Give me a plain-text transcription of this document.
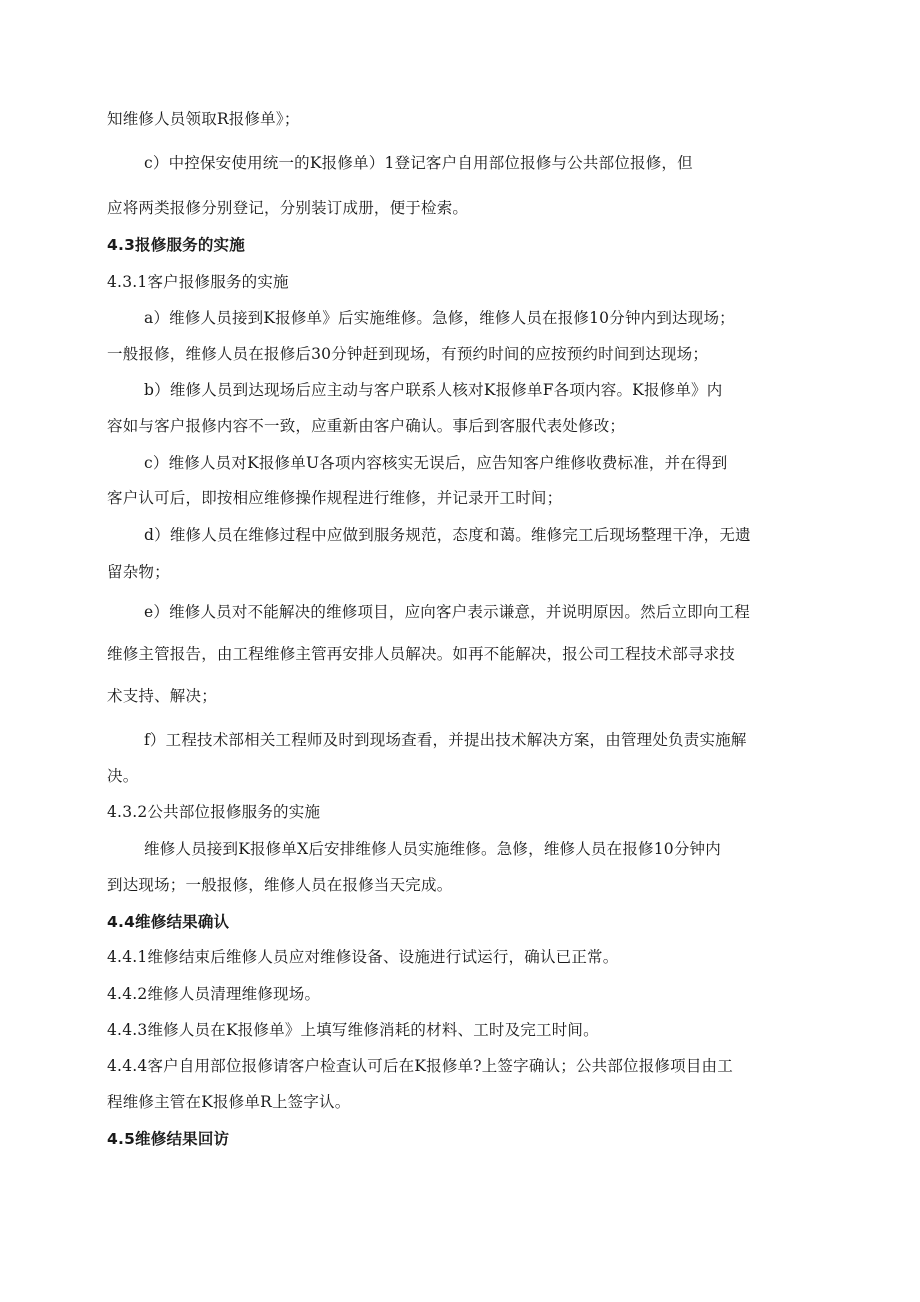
知维修人员领取R报修单》；
c）中控保安使用统一的K报修单）1登记客户自用部位报修与公共部位报修，但
应将两类报修分别登记，分别装订成册，便于检索。
4.3报修服务的实施
4.3.1客户报修服务的实施
a）维修人员接到K报修单》后实施维修。急修，维修人员在报修10分钟内到达现场；
一般报修，维修人员在报修后30分钟赶到现场，有预约时间的应按预约时间到达现场；
b）维修人员到达现场后应主动与客户联系人核对K报修单F各项内容。K报修单》内
容如与客户报修内容不一致，应重新由客户确认。事后到客服代表处修改；
c）维修人员对K报修单U各项内容核实无误后，应告知客户维修收费标准，并在得到
客户认可后，即按相应维修操作规程进行维修，并记录开工时间；
d）维修人员在维修过程中应做到服务规范，态度和蔼。维修完工后现场整理干净，无遗
留杂物；
e）维修人员对不能解决的维修项目，应向客户表示谦意，并说明原因。然后立即向工程
维修主管报告，由工程维修主管再安排人员解决。如再不能解决，报公司工程技术部寻求技
术支持、解决；
f）工程技术部相关工程师及时到现场查看，并提出技术解决方案，由管理处负责实施解
决。
4.3.2公共部位报修服务的实施
维修人员接到K报修单X后安排维修人员实施维修。急修，维修人员在报修10分钟内
到达现场；一般报修，维修人员在报修当天完成。
4.4维修结果确认
4.4.1维修结束后维修人员应对维修设备、设施进行试运行，确认已正常。
4.4.2维修人员清理维修现场。
4.4.3维修人员在K报修单》上填写维修消耗的材料、工时及完工时间。
4.4.4客户自用部位报修请客户检查认可后在K报修单?上签字确认；公共部位报修项目由工
程维修主管在K报修单R上签字认。
4.5维修结果回访
